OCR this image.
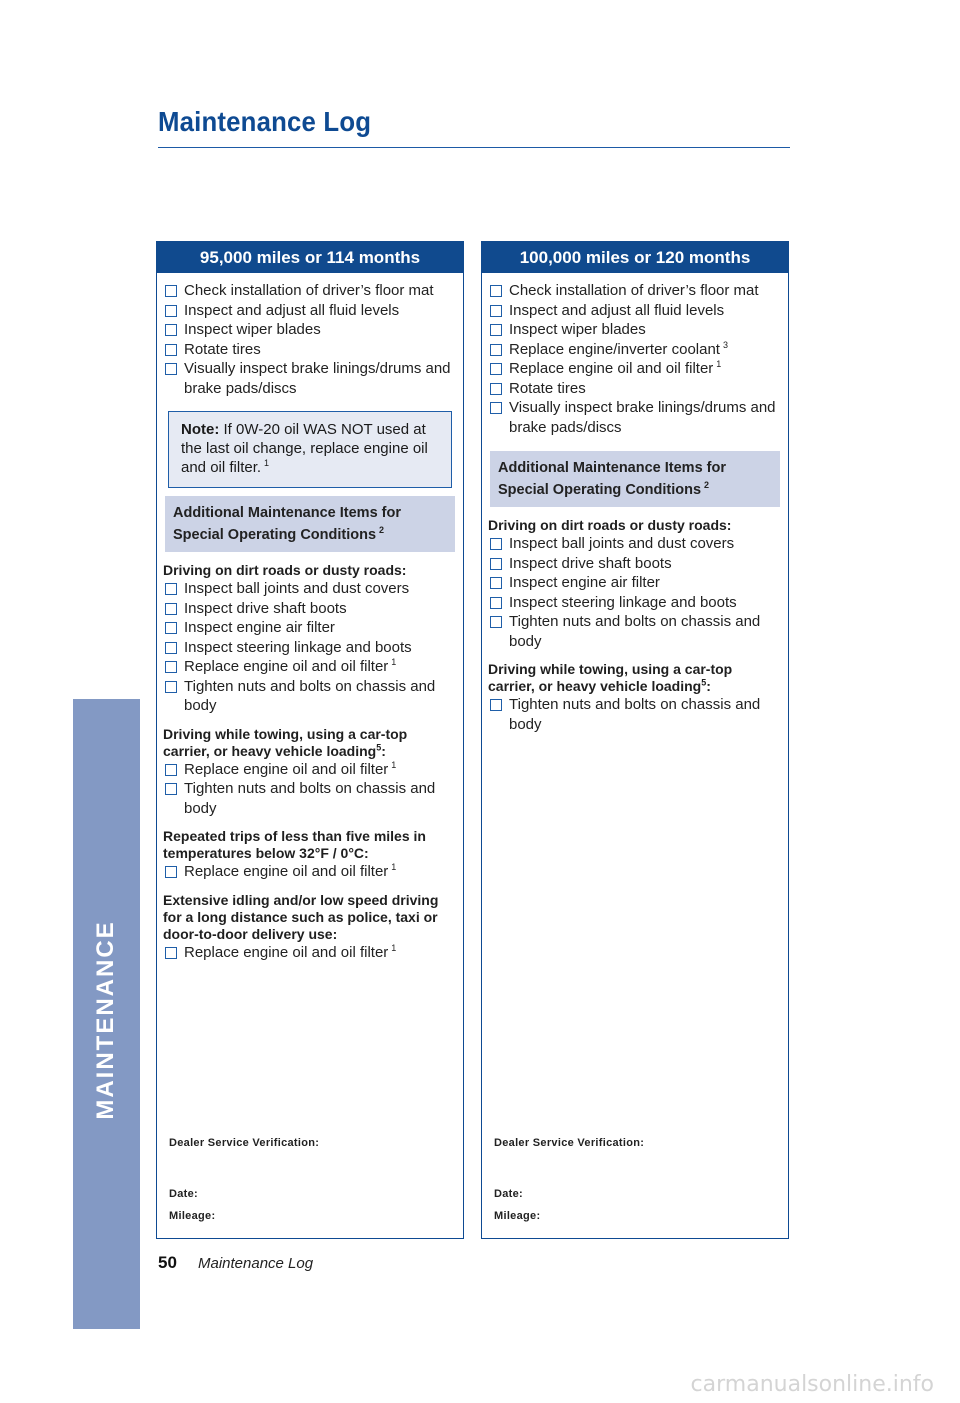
Maintenance Log
MAINTENANCE
95,000 miles or 114 months
Check installation of driver’s floor mat
Inspect and adjust all fluid levels
Inspect wiper blades
Rotate tires
Visually inspect brake linings/drums and brake pads/discs
Note: If 0W-20 oil WAS NOT used at the last oil change, replace engine oil and oil filter. $^1$
Additional Maintenance Items for Special Operating Conditions $^2$
Driving on dirt roads or dusty roads:
Inspect ball joints and dust covers
Inspect drive shaft boots
Inspect engine air filter
Inspect steering linkage and boots
Replace engine oil and oil filter $^1$
Tighten nuts and bolts on chassis and body
Driving while towing, using a car-top carrier, or heavy vehicle loading$^5$:
Replace engine oil and oil filter $^1$
Tighten nuts and bolts on chassis and body
Repeated trips of less than five miles in temperatures below 32°F / 0°C:
Replace engine oil and oil filter $^1$
Extensive idling and/or low speed driving for a long distance such as police, taxi or door-to-door delivery use:
Replace engine oil and oil filter $^1$
Dealer Service Verification:
Date:
Mileage:
100,000 miles or 120 months
Check installation of driver’s floor mat
Inspect and adjust all fluid levels
Inspect wiper blades
Replace engine/inverter coolant $^3$
Replace engine oil and oil filter $^1$
Rotate tires
Visually inspect brake linings/drums and brake pads/discs
Additional Maintenance Items for Special Operating Conditions $^2$
Driving on dirt roads or dusty roads:
Inspect ball joints and dust covers
Inspect drive shaft boots
Inspect engine air filter
Inspect steering linkage and boots
Tighten nuts and bolts on chassis and body
Driving while towing, using a car-top carrier, or heavy vehicle loading$^5$:
Tighten nuts and bolts on chassis and body
Dealer Service Verification:
Date:
Mileage:
50 Maintenance Log
carmanualsonline.info
